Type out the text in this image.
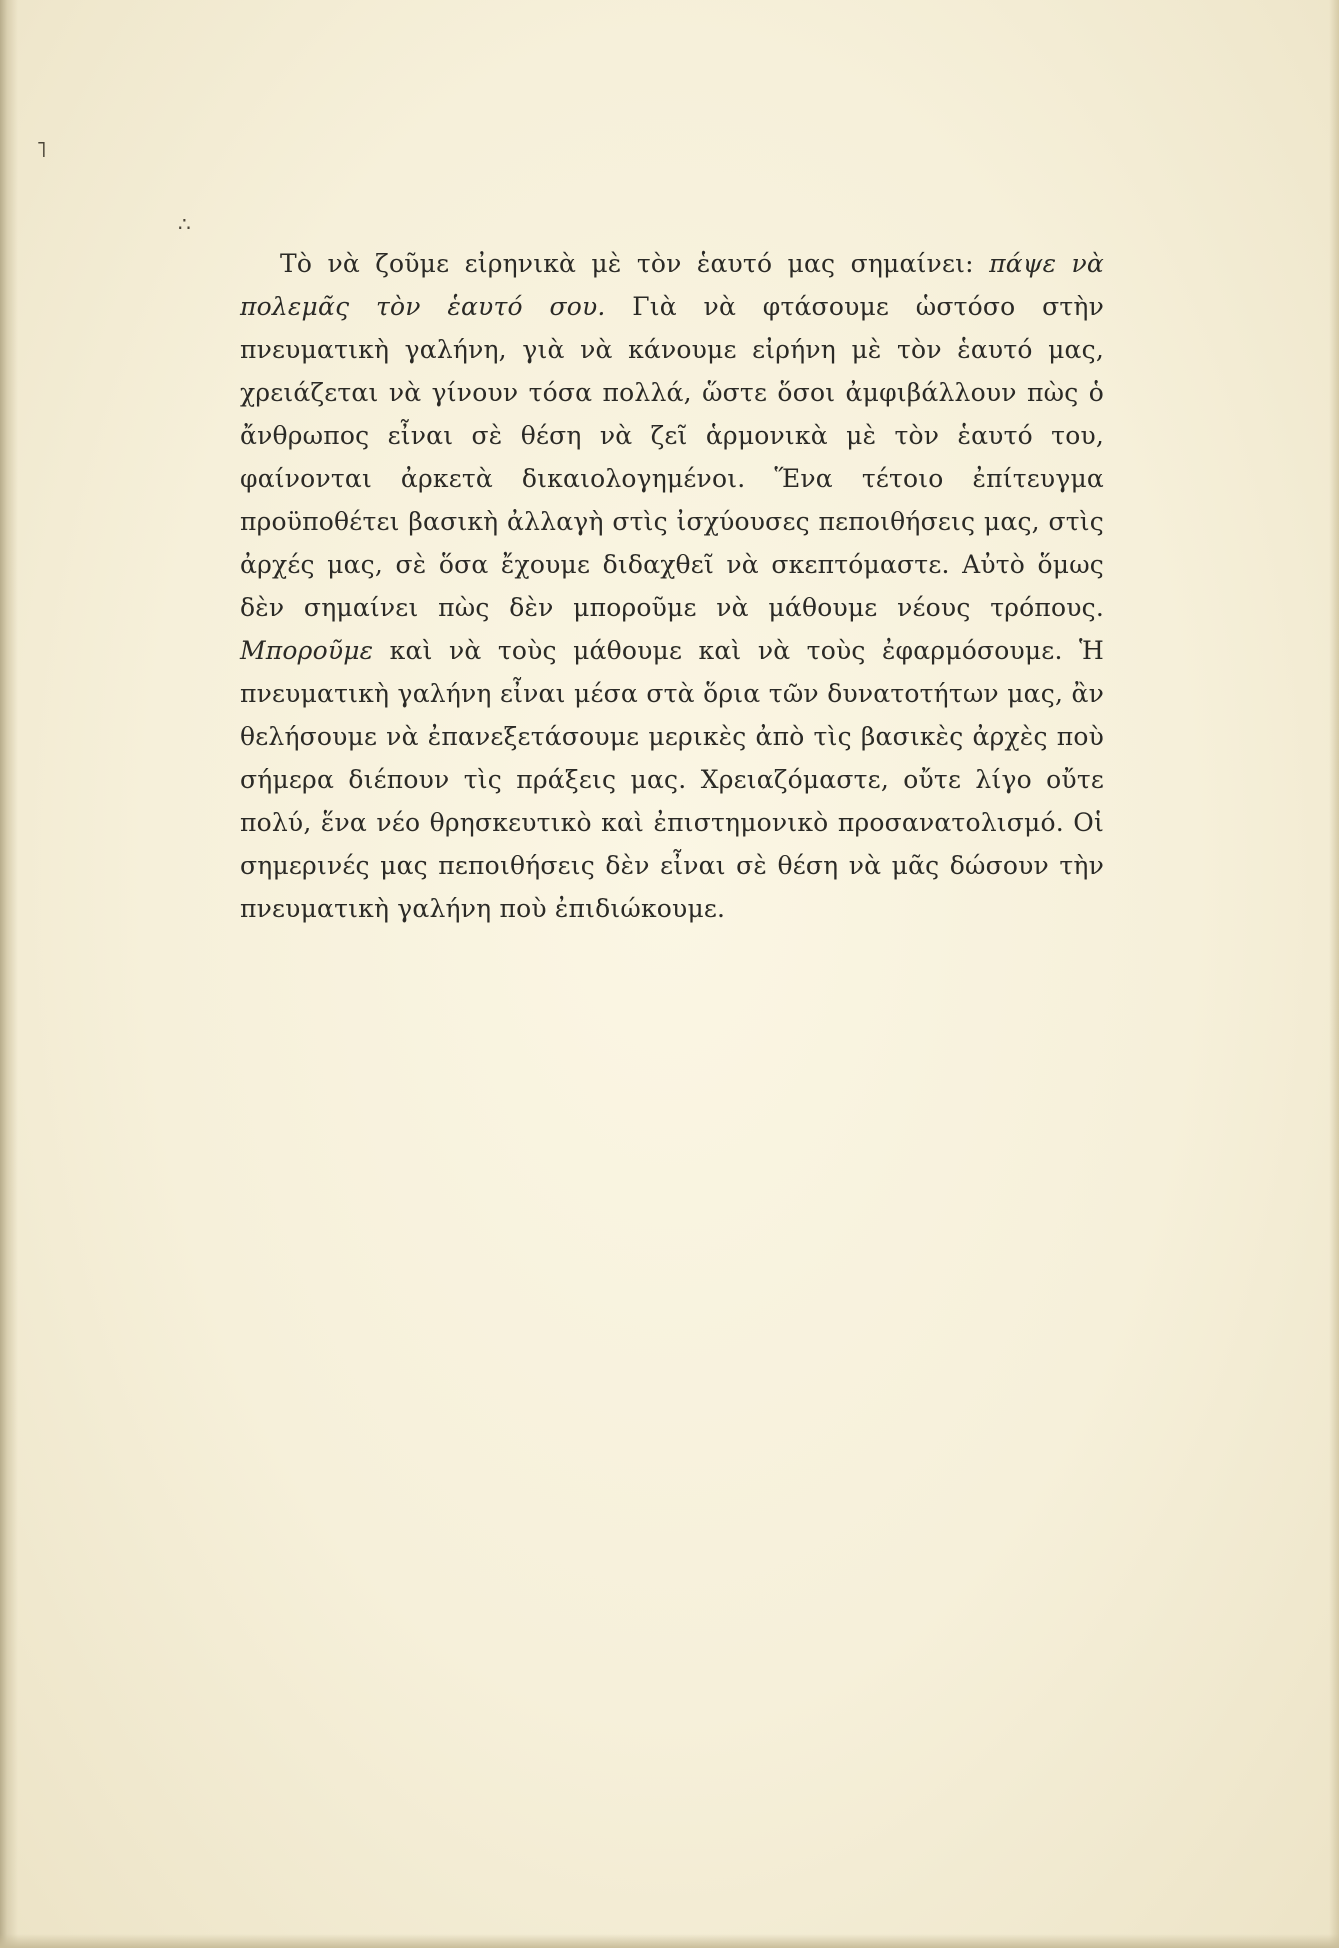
˥
∴

Τὸ νὰ ζοῦμε εἰρηνικὰ μὲ τὸν ἑαυτό μας σημαίνει: πάψε νὰ πολεμᾶς τὸν ἑαυτό σου. Γιὰ νὰ φτάσουμε ὡστόσο στὴν πνευματικὴ γαλήνη, γιὰ νὰ κάνουμε εἰρήνη μὲ τὸν ἑαυτό μας, χρειάζεται νὰ γίνουν τόσα πολλά, ὥστε ὅσοι ἀμφιβάλλουν πὼς ὁ ἄνθρωπος εἶναι σὲ θέση νὰ ζεῖ ἁρμονικὰ μὲ τὸν ἑαυτό του, φαίνονται ἀρκετὰ δικαιολογημένοι. Ἕνα τέτοιο ἐπίτευγμα προϋποθέτει βασικὴ ἀλλαγὴ στὶς ἰσχύουσες πεποιθήσεις μας, στὶς ἀρχές μας, σὲ ὅσα ἔχουμε διδαχθεῖ νὰ σκεπτόμαστε. Αὐτὸ ὅμως δὲν σημαίνει πὼς δὲν μποροῦμε νὰ μάθουμε νέους τρόπους. Μποροῦμε καὶ νὰ τοὺς μάθουμε καὶ νὰ τοὺς ἐφαρμόσουμε. Ἡ πνευματικὴ γαλήνη εἶναι μέσα στὰ ὅρια τῶν δυνατοτήτων μας, ἂν θελήσουμε νὰ ἐπανεξετάσουμε μερικὲς ἀπὸ τὶς βασικὲς ἀρχὲς ποὺ σήμερα διέπουν τὶς πράξεις μας. Χρειαζόμαστε, οὔτε λίγο οὔτε πολύ, ἕνα νέο θρησκευτικὸ καὶ ἐπιστημονικὸ προσανατολισμό. Οἱ σημερινές μας πεποιθήσεις δὲν εἶναι σὲ θέση νὰ μᾶς δώσουν τὴν πνευματικὴ γαλήνη ποὺ ἐπιδιώκουμε.
